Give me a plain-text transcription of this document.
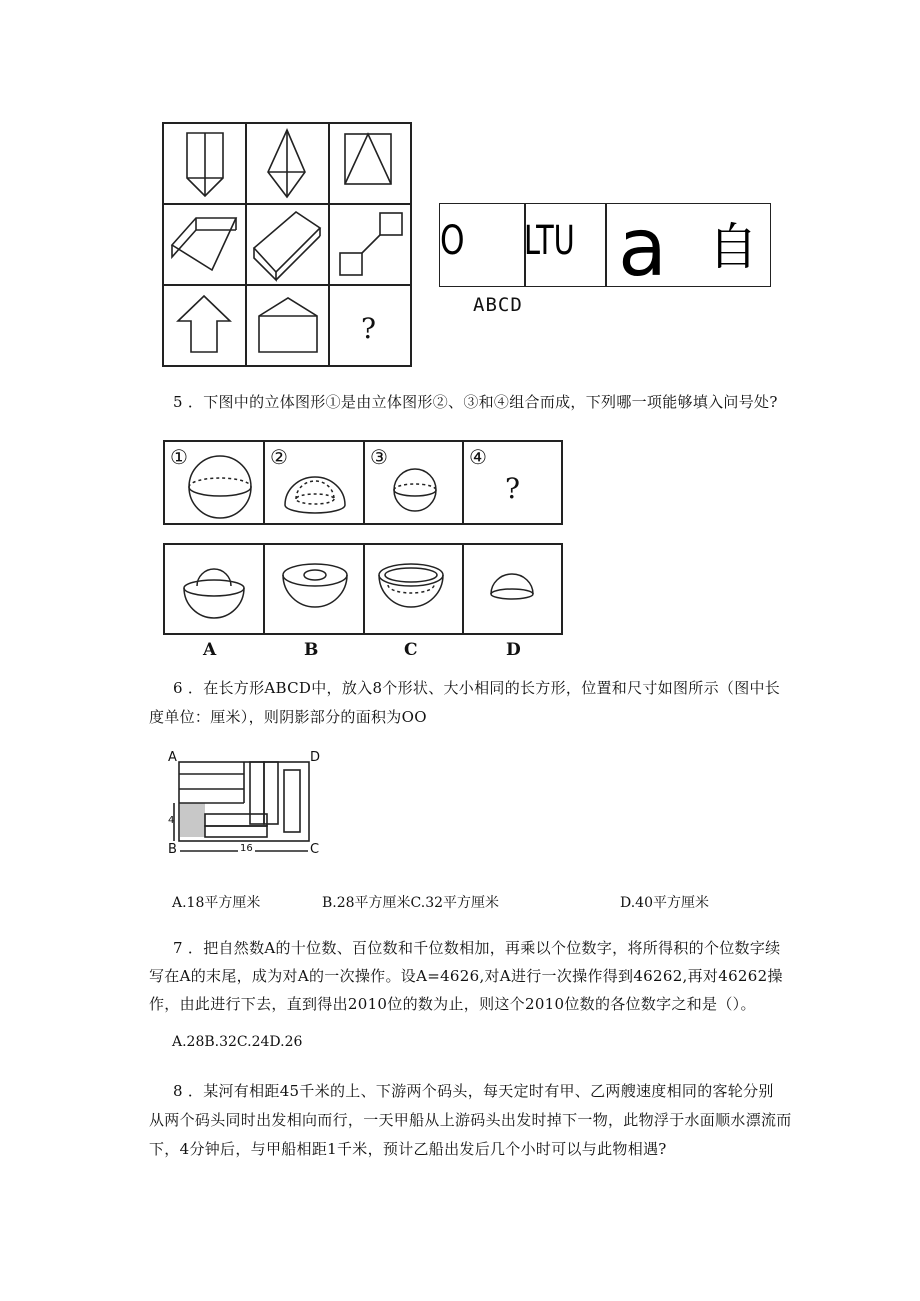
?
O LTU a 自
ABCD
5 ．下图中的立体图形①是由立体图形②、③和④组合而成，下列哪一项能够填入问号处?
①	②	③	④
?
A	B	C	D
6 ．在长方形ABCD中，放入8个形状、大小相同的长方形，位置和尺寸如图所示（图中长
度单位：厘米），则阴影部分的面积为OO
A	D
B	C
4
16
A.18平方厘米	B.28平方厘米C.32平方厘米	D.40平方厘米
7 ．把自然数A的十位数、百位数和千位数相加，再乘以个位数字，将所得积的个位数字续
写在A的末尾，成为对A的一次操作。设A=4626,对A进行一次操作得到46262,再对46262操
作，由此进行下去，直到得出2010位的数为止，则这个2010位数的各位数字之和是（）。
A.28B.32C.24D.26
8 ．某河有相距45千米的上、下游两个码头，每天定时有甲、乙两艘速度相同的客轮分别
从两个码头同时出发相向而行，一天甲船从上游码头出发时掉下一物，此物浮于水面顺水漂流而
下，4分钟后，与甲船相距1千米，预计乙船出发后几个小时可以与此物相遇?
